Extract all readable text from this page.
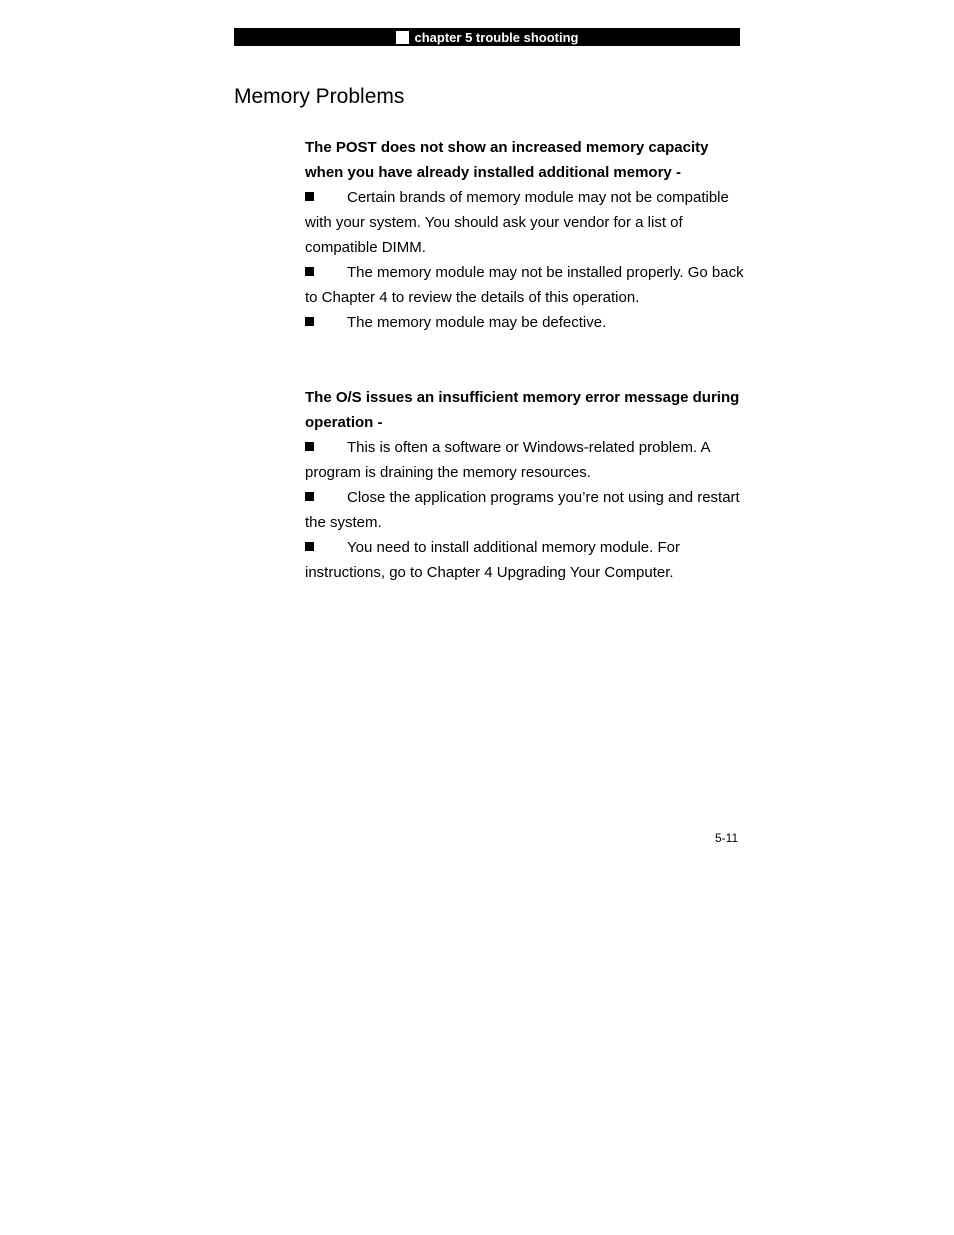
chapter 5 trouble shooting
Memory Problems

The POST does not show an increased memory capacity when you have already installed additional memory -

Certain brands of memory module may not be compatible with your system. You should ask your vendor for a list of compatible DIMM.
The memory module may not be installed properly. Go back to Chapter 4 to review the details of this operation.
The memory module may be defective.

The O/S issues an insufficient memory error message during operation -

This is often a software or Windows-related problem. A program is draining the memory resources.
Close the application programs you’re not using and restart the system.
You need to install additional memory module. For instructions, go to Chapter 4 Upgrading Your Computer.
5-11
